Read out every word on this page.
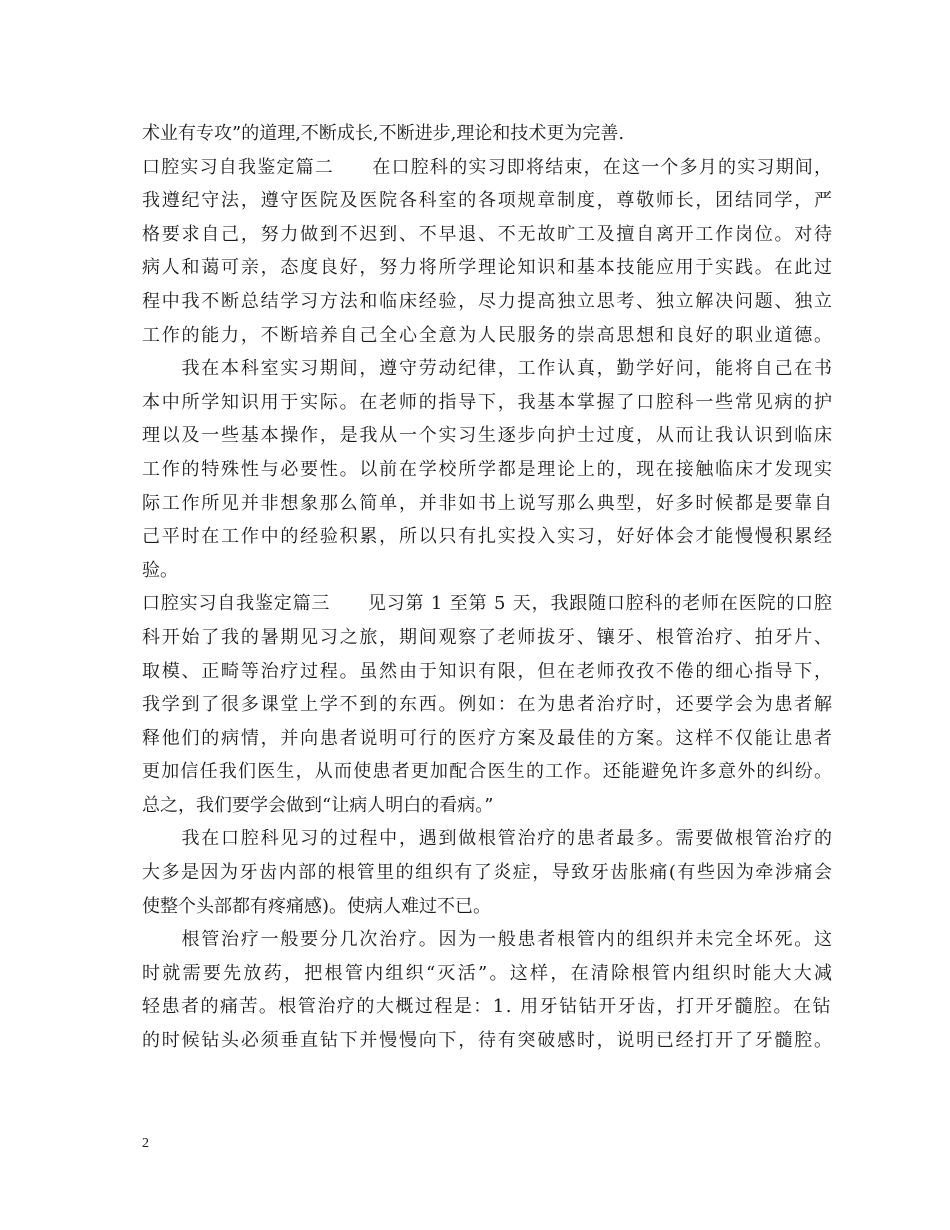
术业有专攻”的道理,不断成长,不断进步,理论和技术更为完善.
口腔实习自我鉴定篇二　　在口腔科的实习即将结束，在这一个多月的实习期间，
我遵纪守法，遵守医院及医院各科室的各项规章制度，尊敬师长，团结同学，严
格要求自己，努力做到不迟到、不早退、不无故旷工及擅自离开工作岗位。对待
病人和蔼可亲，态度良好，努力将所学理论知识和基本技能应用于实践。在此过
程中我不断总结学习方法和临床经验，尽力提高独立思考、独立解决问题、独立
工作的能力，不断培养自己全心全意为人民服务的崇高思想和良好的职业道德。
　　我在本科室实习期间，遵守劳动纪律，工作认真，勤学好问，能将自己在书
本中所学知识用于实际。在老师的指导下，我基本掌握了口腔科一些常见病的护
理以及一些基本操作，是我从一个实习生逐步向护士过度，从而让我认识到临床
工作的特殊性与必要性。以前在学校所学都是理论上的，现在接触临床才发现实
际工作所见并非想象那么简单，并非如书上说写那么典型，好多时候都是要靠自
己平时在工作中的经验积累，所以只有扎实投入实习，好好体会才能慢慢积累经
验。
口腔实习自我鉴定篇三　　见习第 1 至第 5 天，我跟随口腔科的老师在医院的口腔
科开始了我的暑期见习之旅，期间观察了老师拔牙、镶牙、根管治疗、拍牙片、
取模、正畸等治疗过程。虽然由于知识有限，但在老师孜孜不倦的细心指导下，
我学到了很多课堂上学不到的东西。例如：在为患者治疗时，还要学会为患者解
释他们的病情，并向患者说明可行的医疗方案及最佳的方案。这样不仅能让患者
更加信任我们医生，从而使患者更加配合医生的工作。还能避免许多意外的纠纷。
总之，我们要学会做到“让病人明白的看病。”
　　我在口腔科见习的过程中，遇到做根管治疗的患者最多。需要做根管治疗的
大多是因为牙齿内部的根管里的组织有了炎症，导致牙齿胀痛(有些因为牵涉痛会
使整个头部都有疼痛感)。使病人难过不已。
　　根管治疗一般要分几次治疗。因为一般患者根管内的组织并未完全坏死。这
时就需要先放药，把根管内组织“灭活”。这样，在清除根管内组织时能大大减
轻患者的痛苦。根管治疗的大概过程是：1. 用牙钻钻开牙齿，打开牙髓腔。在钻
的时候钻头必须垂直钻下并慢慢向下，待有突破感时，说明已经打开了牙髓腔。
2
